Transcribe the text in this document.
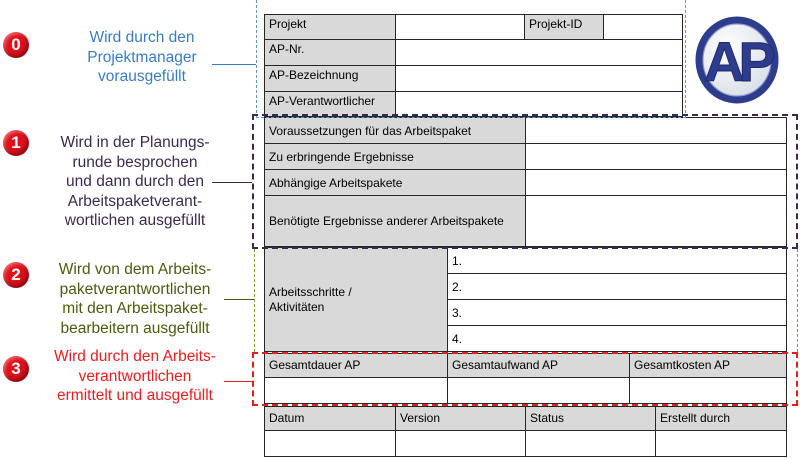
0
1
2
3
Wird durch den
Projektmanager
vorausgefüllt
Wird in der Planungs-
runde besprochen
und dann durch den
Arbeitspaketverant-
wortlichen ausgefüllt
Wird von dem Arbeits-
paketverantwortlichen
mit den Arbeitspaket-
bearbeitern ausgefüllt
Wird durch den Arbeits-
verantwortlichen
ermittelt und ausgefüllt
Projekt	Projekt-ID
AP-Nr.
AP-Bezeichnung
AP-Verantwortlicher
Voraussetzungen für das Arbeitspaket
Zu erbringende Ergebnisse
Abhängige Arbeitspakete
Benötigte Ergebnisse anderer Arbeitspakete
Arbeitsschritte /
Aktivitäten
1.
2.
3.
4.
Gesamtdauer AP	Gesamtaufwand AP	Gesamtkosten AP
Datum	Version	Status	Erstellt durch
AP
